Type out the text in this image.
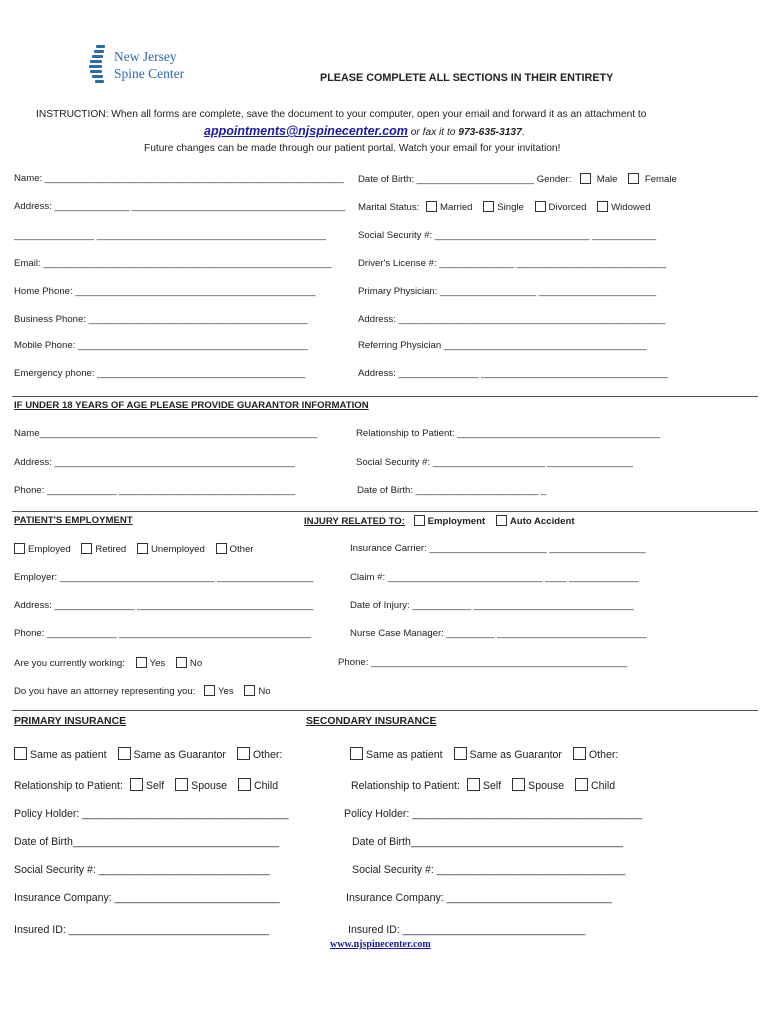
New Jersey
Spine Center	PLEASE COMPLETE ALL SECTIONS IN THEIR ENTIRETY
INSTRUCTION: When all forms are complete, save the document to your computer, open your email and forward it as an attachment to
appointments@njspinecenter.com or fax it to 973-635-3137.
Future changes can be made through our patient portal. Watch your email for your invitation!
Name: ________________________________________________________ Date of Birth: ______________________ Gender:	Male	Female
Address: ______________ ________________________________________ Marital Status: Married	Single	Divorced	Widowed
_______________ ___________________________________________	Social Security #: _____________________________ ____________
Email: ______________________________________________________	Driver's License #: ______________ ____________________________
Home Phone: _____________________________________________	Primary Physician: __________________ ______________________
Business Phone: _________________________________________	Address: __________________________________________________
Mobile Phone: ___________________________________________	Referring Physician ______________________________________
Emergency phone: _______________________________________	Address: _______________ ___________________________________
IF UNDER 18 YEARS OF AGE PLEASE PROVIDE GUARANTOR INFORMATION
Name____________________________________________________	Relationship to Patient: ______________________________________
Address: _____________________________________________	Social Security #: _____________________ ________________
Phone: _____________ _________________________________	Date of Birth: _______________________ _
PATIENT'S EMPLOYMENT	INJURY RELATED TO: Employment	Auto Accident
Employed	Retired	Unemployed	Other	Insurance Carrier: ______________________ __________________
Employer: _____________________________ __________________	Claim #: _____________________________ ____ _____________
Address: _______________ _________________________________	Date of Injury: ___________ ______________________________
Phone: _____________ ____________________________________	Nurse Case Manager: _________ ____________________________
Are you currently working:	Yes	No	Phone: ________________________________________________
Do you have an attorney representing you: Yes	No
PRIMARY INSURANCE	SECONDARY INSURANCE
Same as patient	Same as Guarantor	Other:	Same as patient	Same as Guarantor	Other:
Relationship to Patient: Self	Spouse	Child	Relationship to Patient: Self	Spouse	Child
Policy Holder: ___________________________________	Policy Holder: _______________________________________
Date of Birth___________________________________	Date of Birth____________________________________
Social Security #: _____________________________	Social Security #: ________________________________
Insurance Company: ____________________________	Insurance Company: ____________________________
Insured ID: __________________________________	Insured ID: _______________________________
www.njspinecenter.com
